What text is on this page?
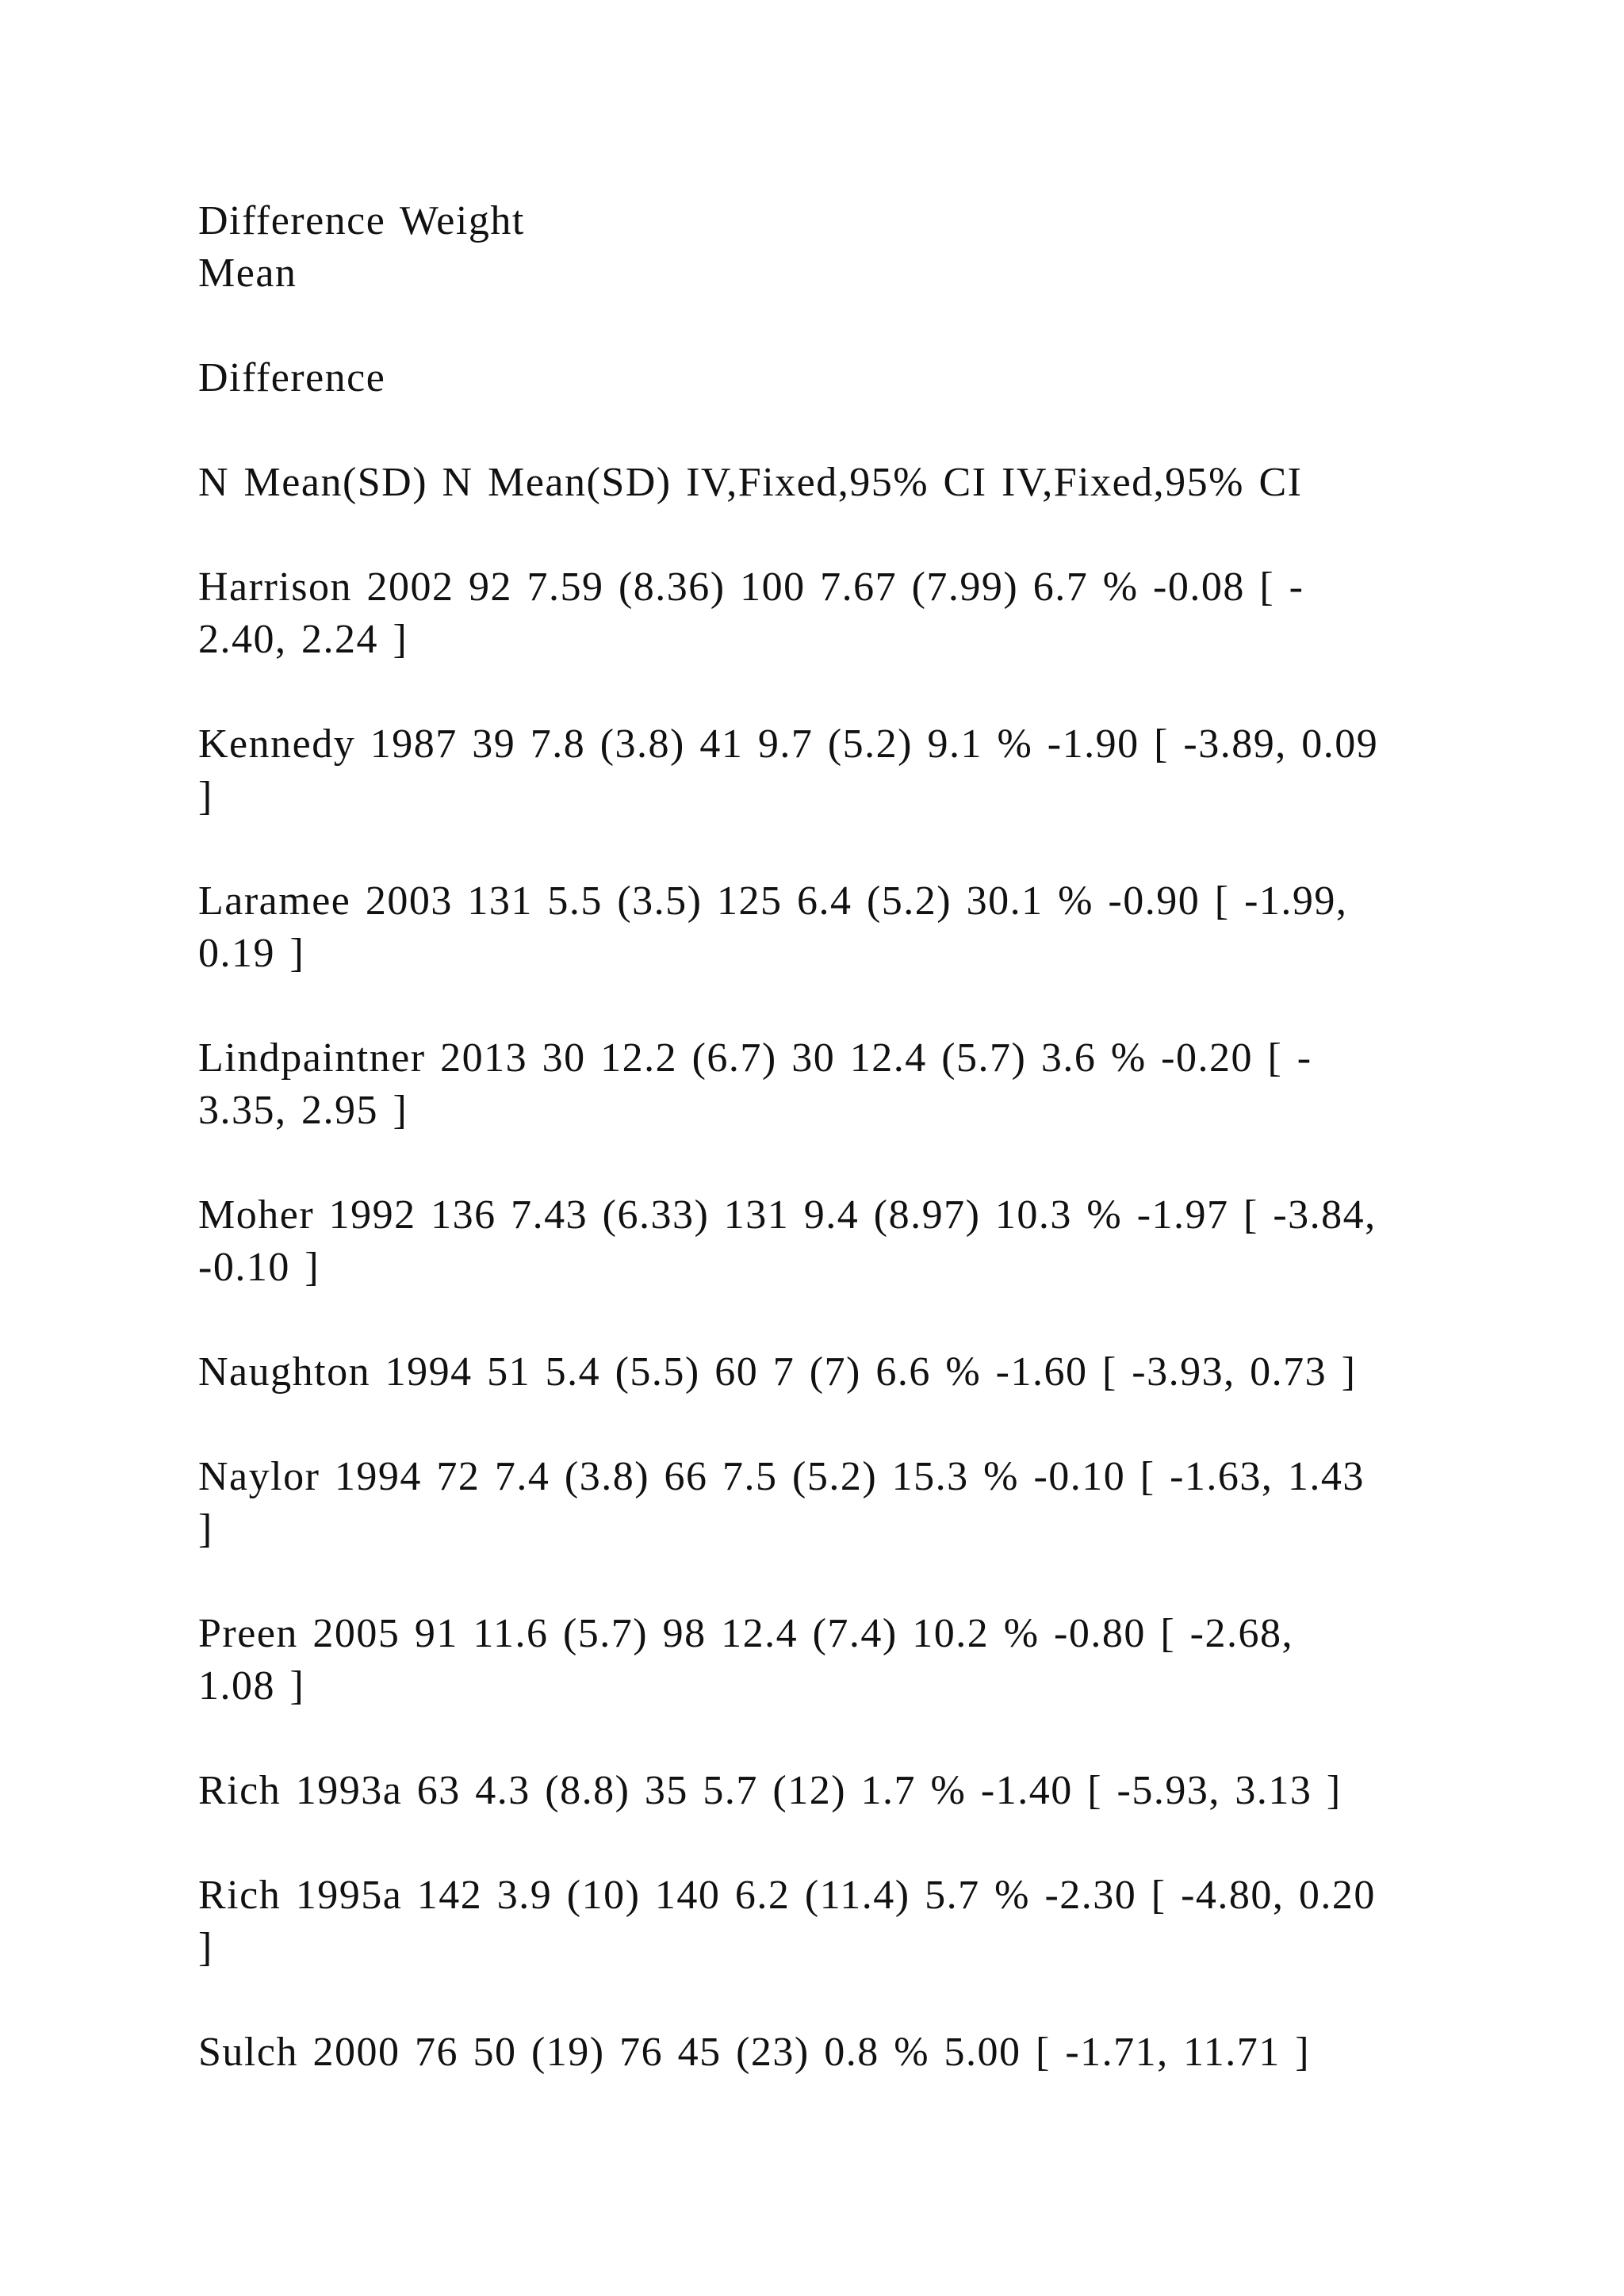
Difference Weight
Mean

Difference

N Mean(SD) N Mean(SD) IV,Fixed,95% CI IV,Fixed,95% CI

Harrison 2002 92 7.59 (8.36) 100 7.67 (7.99) 6.7 % -0.08 [ -
2.40, 2.24 ]

Kennedy 1987 39 7.8 (3.8) 41 9.7 (5.2) 9.1 % -1.90 [ -3.89, 0.09
]

Laramee 2003 131 5.5 (3.5) 125 6.4 (5.2) 30.1 % -0.90 [ -1.99,
0.19 ]

Lindpaintner 2013 30 12.2 (6.7) 30 12.4 (5.7) 3.6 % -0.20 [ -
3.35, 2.95 ]

Moher 1992 136 7.43 (6.33) 131 9.4 (8.97) 10.3 % -1.97 [ -3.84,
-0.10 ]

Naughton 1994 51 5.4 (5.5) 60 7 (7) 6.6 % -1.60 [ -3.93, 0.73 ]

Naylor 1994 72 7.4 (3.8) 66 7.5 (5.2) 15.3 % -0.10 [ -1.63, 1.43
]

Preen 2005 91 11.6 (5.7) 98 12.4 (7.4) 10.2 % -0.80 [ -2.68,
1.08 ]

Rich 1993a 63 4.3 (8.8) 35 5.7 (12) 1.7 % -1.40 [ -5.93, 3.13 ]

Rich 1995a 142 3.9 (10) 140 6.2 (11.4) 5.7 % -2.30 [ -4.80, 0.20
]

Sulch 2000 76 50 (19) 76 45 (23) 0.8 % 5.00 [ -1.71, 11.71 ]
